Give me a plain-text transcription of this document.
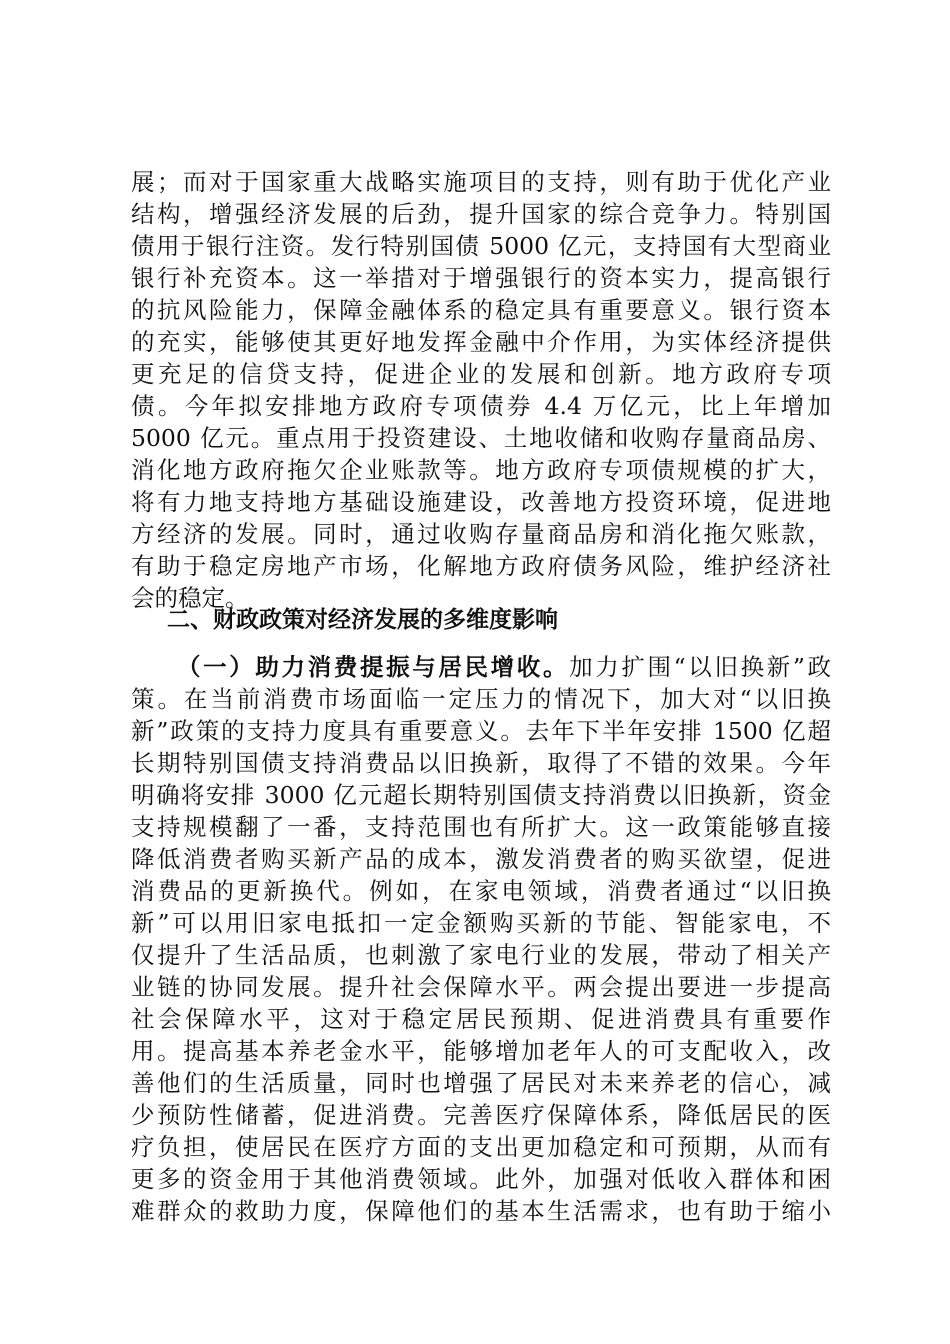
展；而对于国家重大战略实施项目的支持，则有助于优化产业
结构，增强经济发展的后劲，提升国家的综合竞争力。特别国
债用于银行注资。发行特别国债 5000 亿元，支持国有大型商业
银行补充资本。这一举措对于增强银行的资本实力，提高银行
的抗风险能力，保障金融体系的稳定具有重要意义。银行资本
的充实，能够使其更好地发挥金融中介作用，为实体经济提供
更充足的信贷支持，促进企业的发展和创新。地方政府专项
债。今年拟安排地方政府专项债券 4.4 万亿元，比上年增加
5000 亿元。重点用于投资建设、土地收储和收购存量商品房、
消化地方政府拖欠企业账款等。地方政府专项债规模的扩大，
将有力地支持地方基础设施建设，改善地方投资环境，促进地
方经济的发展。同时，通过收购存量商品房和消化拖欠账款，
有助于稳定房地产市场，化解地方政府债务风险，维护经济社
会的稳定。
二、财政政策对经济发展的多维度影响
（一）助力消费提振与居民增收。加力扩围“以旧换新”政
策。在当前消费市场面临一定压力的情况下，加大对“以旧换
新”政策的支持力度具有重要意义。去年下半年安排 1500 亿超
长期特别国债支持消费品以旧换新，取得了不错的效果。今年
明确将安排 3000 亿元超长期特别国债支持消费以旧换新，资金
支持规模翻了一番，支持范围也有所扩大。这一政策能够直接
降低消费者购买新产品的成本，激发消费者的购买欲望，促进
消费品的更新换代。例如，在家电领域，消费者通过“以旧换
新”可以用旧家电抵扣一定金额购买新的节能、智能家电，不
仅提升了生活品质，也刺激了家电行业的发展，带动了相关产
业链的协同发展。提升社会保障水平。两会提出要进一步提高
社会保障水平，这对于稳定居民预期、促进消费具有重要作
用。提高基本养老金水平，能够增加老年人的可支配收入，改
善他们的生活质量，同时也增强了居民对未来养老的信心，减
少预防性储蓄，促进消费。完善医疗保障体系，降低居民的医
疗负担，使居民在医疗方面的支出更加稳定和可预期，从而有
更多的资金用于其他消费领域。此外，加强对低收入群体和困
难群众的救助力度，保障他们的基本生活需求，也有助于缩小
